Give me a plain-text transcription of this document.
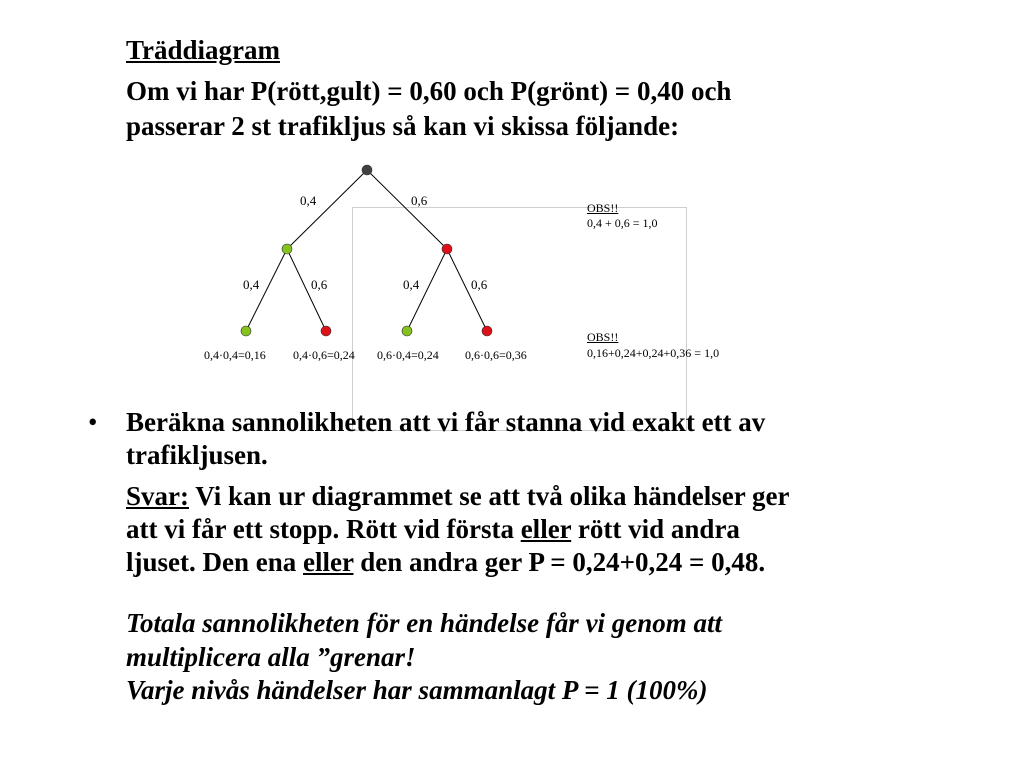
Träddiagram
Om vi har P(rött,gult) = 0,60 och P(grönt) = 0,40 och
passerar 2 st trafikljus så kan vi skissa följande:
0,4	0,6
0,4	0,6	0,4	0,6
0,4·0,4=0,16 0,4·0,6=0,24 0,6·0,4=0,24 0,6·0,6=0,36
OBS!!
0,4 + 0,6 = 1,0
OBS!!
0,16+0,24+0,24+0,36 = 1,0
• Beräkna sannolikheten att vi får stanna vid exakt ett av
trafikljusen.
Svar: Vi kan ur diagrammet se att två olika händelser ger
att vi får ett stopp. Rött vid första eller rött vid andra
ljuset. Den ena eller den andra ger P = 0,24+0,24 = 0,48.
Totala sannolikheten för en händelse får vi genom att
multiplicera alla ”grenar!
Varje nivås händelser har sammanlagt P = 1 (100%)
